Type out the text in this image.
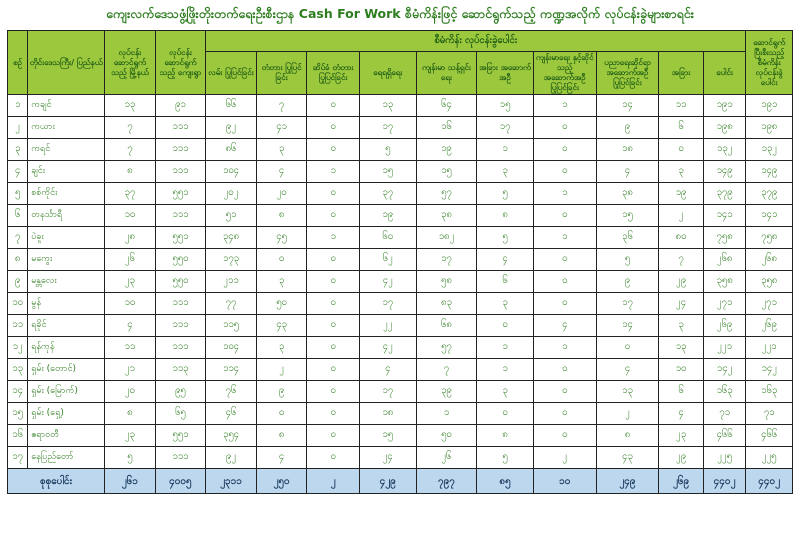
ကျေးလက်ဒေသဖွံ့ဖြိုးတိုးတက်ရေးဦးစီးဌာန Cash For Work စီမံကိန်းဖြင့် ဆောင်ရွက်သည့် ကဏ္ဍအလိုက် လုပ်ငန်းခွဲများစာရင်း
စဉ်	တိုင်းဒေသကြီး/ ပြည်နယ်	လုပ်ငန်း ဆောင်ရွက် သည့် မြို့နယ်	လုပ်ငန်း ဆောင်ရွက် သည့် ကျေးရွာ	စီမံကိန်း လုပ်ငန်းခွဲပေါင်း										ဆောင်ရွက် ပြီးစီးသည့် စီမံကိန်း လုပ်ငန်းခွဲ ပေါင်း
				လမ်း ပြုပြင်ခြင်း	တံတား ပြုပြင်ခြင်း	ဆိပ်ခံ တံတား ပြုပြင်ခြင်း	ရေရရှိရေး	ကျန်းမာ သန့်ရှင်းရေး	အခြား အဆောက် အဦ	ကျန်းမာရေး နှင့်ဆိုင်သည့် အဆောက်အဦ ပြုပြင်ခြင်း	ပညာရေးဆိုင်ရာ အဆောက်အဦ ပြုပြင်ခြင်း	အခြား	ပေါင်း	
၁	ကချင်	၁၃	၉၁	၆၆	၇	၀	၁၃	၆၄	၁၅	၁	၁၄	၁၁	၁၉၁	၁၉၁
၂	ကယား	၇	၁၁၁	၉၂	၄၁	၀	၁၇	၁၆	၁၇	၀	၉	၆	၁၉၈	၁၉၈
၃	ကရင်	၇	၁၁၁	၈၆	၃	၀	၅	၁၉	၁	၀	၁၈	၀	၁၃၂	၁၃၂
၄	ချင်း	၈	၁၁၁	၁၀၄	၄	၁	၁၅	၁၅	၃	၀	၄	၃	၁၄၉	၁၄၉
၅	စစ်ကိုင်း	၃၇	၅၅၁	၂၀၂	၂၀	၀	၃၇	၅၇	၅	၁	၃၈	၁၉	၃၇၉	၃၇၉
၆	တနင်္သာရီ	၁၀	၁၁၁	၅၁	၈	၀	၁၉	၃၈	၈	၀	၁၅	၂	၁၄၁	၁၄၁
၇	ပဲခူး	၂၈	၅၅၁	၃၄၈	၄၅	၁	၆၀	၁၈၂	၅	၁	၃၆	၈၀	၇၅၈	၇၅၈
၈	မကွေး	၂၆	၅၅၀	၁၇၃	၀	၀	၆၂	၁၇	၄	၀	၅	၇	၂၆၈	၂၆၈
၉	မန္တလေး	၂၃	၅၅၀	၂၁၁	၃	၀	၄၂	၅၈	၆	၀	၉	၂၉	၃၅၈	၃၅၈
၁၀	မွန်	၁၀	၁၁၁	၇၇	၅၀	၀	၁၇	၈၃	၃	၀	၁၇	၂၄	၂၇၁	၂၇၁
၁၁	ရခိုင်	၄	၁၁၁	၁၁၅	၄၃	၀	၂၂	၆၈	၀	၄	၁၄	၃	၂၆၉	၂၆၉
၁၂	ရန်ကုန်	၁၁	၁၁၁	၁၀၄	၃	၀	၄၂	၅၇	၁	၁	၀	၁၃	၂၂၁	၂၂၁
၁၃	ရှမ်း (တောင်)	၂၁	၁၁၃	၁၁၄	၂	၀	၄	၇	၁	၀	၄	၁၀	၁၄၂	၁၄၂
၁၄	ရှမ်း (မြောက်)	၂၀	၉၅	၇၆	၉	၀	၁၇	၃၉	၃	၀	၁၃	၆	၁၆၃	၁၆၃
၁၅	ရှမ်း (ရှေ့)	၈	၆၅	၄၆	၀	၀	၁၈	၁	၀	၀	၂	၄	၇၁	၇၁
၁၆	ဧရာဝတီ	၂၃	၅၅၁	၃၅၄	၈	၀	၁၅	၅၀	၈	၀	၈	၂၃	၄၆၆	၄၆၆
၁၇	နေပြည်တော်	၅	၁၁၁	၉၂	၄	၀	၂၄	၂၆	၅	၂	၄၃	၂၉	၂၂၅	၂၂၅
စုစုပေါင်း		၂၆၁	၄၀၀၅	၂၃၁၁	၂၅၀	၂	၄၂၉	၇၉၇	၈၅	၁၀	၂၄၉	၂၆၉	၄၄၀၂	၄၄၀၂
